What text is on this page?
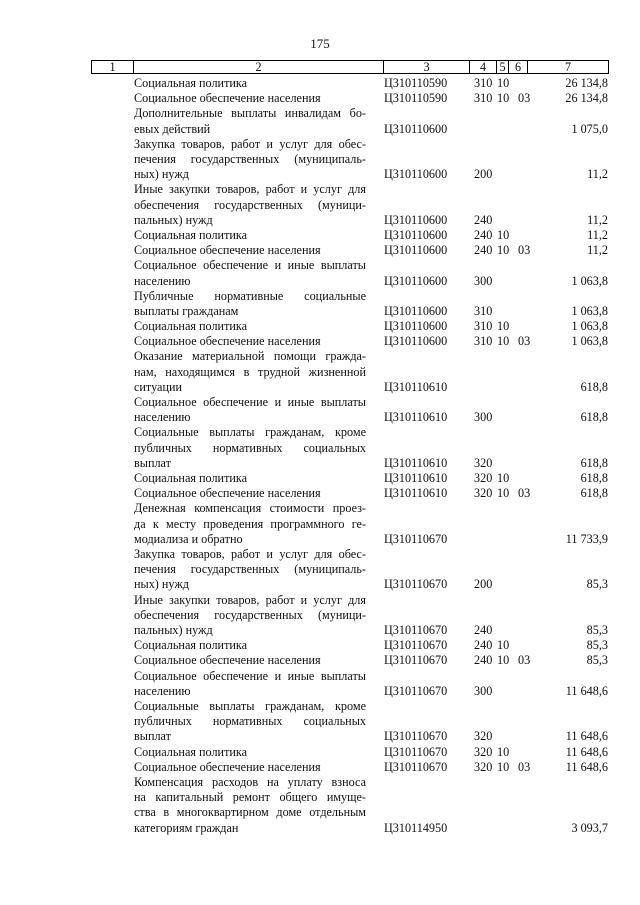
175
1	2	3	4	5 6	7
Социальная политика	Ц310110590 310 10	26 134,8
Социальное обеспечение населения	Ц310110590 310 10 03	26 134,8
Дополнительные выплаты инвалидам бо-
евых действий	Ц310110600	1 075,0
Закупка товаров, работ и услуг для обес-
печения государственных (муниципаль-
ных) нужд	Ц310110600 200	11,2
Иные закупки товаров, работ и услуг для
обеспечения государственных (муници-
пальных) нужд	Ц310110600 240	11,2
Социальная политика	Ц310110600 240 10	11,2
Социальное обеспечение населения	Ц310110600 240 10 03	11,2
Социальное обеспечение и иные выплаты
населению	Ц310110600 300	1 063,8
Публичные нормативные социальные
выплаты гражданам	Ц310110600 310	1 063,8
Социальная политика	Ц310110600 310 10	1 063,8
Социальное обеспечение населения	Ц310110600 310 10 03	1 063,8
Оказание материальной помощи гражда-
нам, находящимся в трудной жизненной
ситуации	Ц310110610	618,8
Социальное обеспечение и иные выплаты
населению	Ц310110610 300	618,8
Социальные выплаты гражданам, кроме
публичных нормативных социальных
выплат	Ц310110610 320	618,8
Социальная политика	Ц310110610 320 10	618,8
Социальное обеспечение населения	Ц310110610 320 10 03	618,8
Денежная компенсация стоимости проез-
да к месту проведения программного ге-
модиализа и обратно	Ц310110670	11 733,9
Закупка товаров, работ и услуг для обес-
печения государственных (муниципаль-
ных) нужд	Ц310110670 200	85,3
Иные закупки товаров, работ и услуг для
обеспечения государственных (муници-
пальных) нужд	Ц310110670 240	85,3
Социальная политика	Ц310110670 240 10	85,3
Социальное обеспечение населения	Ц310110670 240 10 03	85,3
Социальное обеспечение и иные выплаты
населению	Ц310110670 300	11 648,6
Социальные выплаты гражданам, кроме
публичных нормативных социальных
выплат	Ц310110670 320	11 648,6
Социальная политика	Ц310110670 320 10	11 648,6
Социальное обеспечение населения	Ц310110670 320 10 03	11 648,6
Компенсация расходов на уплату взноса
на капитальный ремонт общего имуще-
ства в многоквартирном доме отдельным
категориям граждан	Ц310114950	3 093,7
